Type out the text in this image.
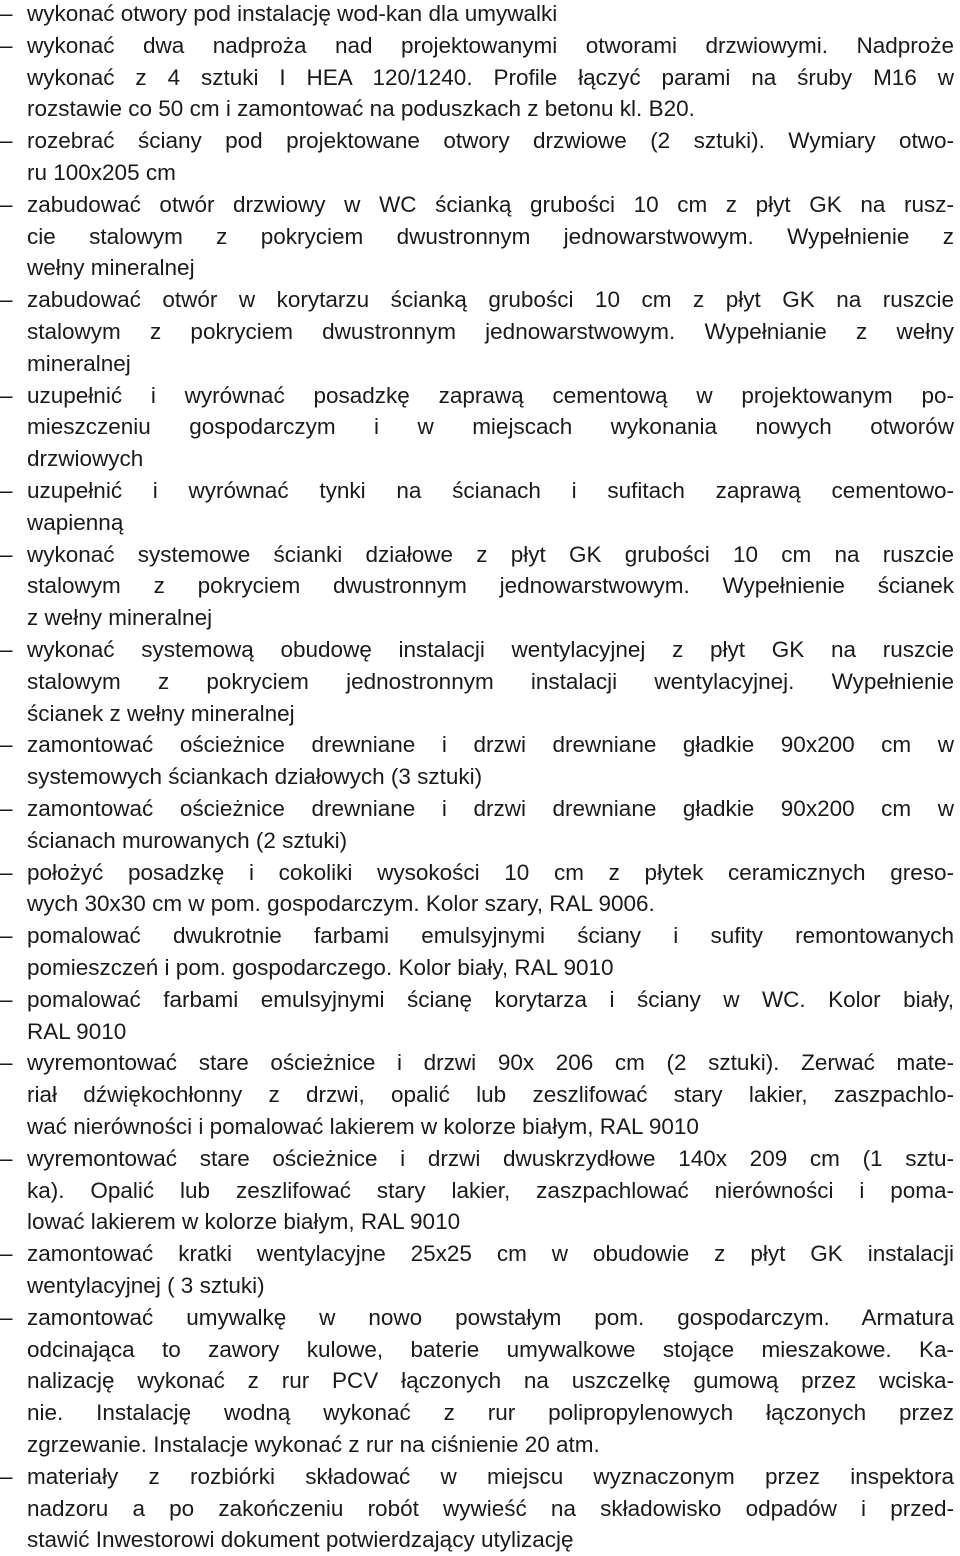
– wykonać otwory pod instalację wod-kan dla umywalki
– wykonać dwa nadproża nad projektowanymi otworami drzwiowymi. Nadproże
wykonać z 4 sztuki I HEA 120/1240. Profile łączyć parami na śruby M16 w
rozstawie co 50 cm i zamontować na poduszkach z betonu kl. B20.
– rozebrać ściany pod projektowane otwory drzwiowe (2 sztuki). Wymiary otwo-
ru 100x205 cm
– zabudować otwór drzwiowy w WC ścianką grubości 10 cm z płyt GK na rusz-
cie stalowym z pokryciem dwustronnym jednowarstwowym. Wypełnienie z
wełny mineralnej
– zabudować otwór w korytarzu ścianką grubości 10 cm z płyt GK na ruszcie
stalowym z pokryciem dwustronnym jednowarstwowym. Wypełnianie z wełny
mineralnej
– uzupełnić i wyrównać posadzkę zaprawą cementową w projektowanym po-
mieszczeniu gospodarczym i w miejscach wykonania nowych otworów
drzwiowych
– uzupełnić i wyrównać tynki na ścianach i sufitach zaprawą cementowo-
wapienną
– wykonać systemowe ścianki działowe z płyt GK grubości 10 cm na ruszcie
stalowym z pokryciem dwustronnym jednowarstwowym. Wypełnienie ścianek
z wełny mineralnej
– wykonać systemową obudowę instalacji wentylacyjnej z płyt GK na ruszcie
stalowym z pokryciem jednostronnym instalacji wentylacyjnej. Wypełnienie
ścianek z wełny mineralnej
– zamontować ościeżnice drewniane i drzwi drewniane gładkie 90x200 cm w
systemowych ściankach działowych (3 sztuki)
– zamontować ościeżnice drewniane i drzwi drewniane gładkie 90x200 cm w
ścianach murowanych (2 sztuki)
– położyć posadzkę i cokoliki wysokości 10 cm z płytek ceramicznych greso-
wych 30x30 cm w pom. gospodarczym. Kolor szary, RAL 9006.
– pomalować dwukrotnie farbami emulsyjnymi ściany i sufity remontowanych
pomieszczeń i pom. gospodarczego. Kolor biały, RAL 9010
– pomalować farbami emulsyjnymi ścianę korytarza i ściany w WC. Kolor biały,
RAL 9010
– wyremontować stare ościeżnice i drzwi 90x 206 cm (2 sztuki). Zerwać mate-
riał dźwiękochłonny z drzwi, opalić lub zeszlifować stary lakier, zaszpachlo-
wać nierówności i pomalować lakierem w kolorze białym, RAL 9010
– wyremontować stare ościeżnice i drzwi dwuskrzydłowe 140x 209 cm (1 sztu-
ka). Opalić lub zeszlifować stary lakier, zaszpachlować nierówności i poma-
lować lakierem w kolorze białym, RAL 9010
– zamontować kratki wentylacyjne 25x25 cm w obudowie z płyt GK instalacji
wentylacyjnej ( 3 sztuki)
– zamontować umywalkę w nowo powstałym pom. gospodarczym. Armatura
odcinająca to zawory kulowe, baterie umywalkowe stojące mieszakowe. Ka-
nalizację wykonać z rur PCV łączonych na uszczelkę gumową przez wciska-
nie. Instalację wodną wykonać z rur polipropylenowych łączonych przez
zgrzewanie. Instalacje wykonać z rur na ciśnienie 20 atm.
– materiały z rozbiórki składować w miejscu wyznaczonym przez inspektora
nadzoru a po zakończeniu robót wywieść na składowisko odpadów i przed-
stawić Inwestorowi dokument potwierdzający utylizację
